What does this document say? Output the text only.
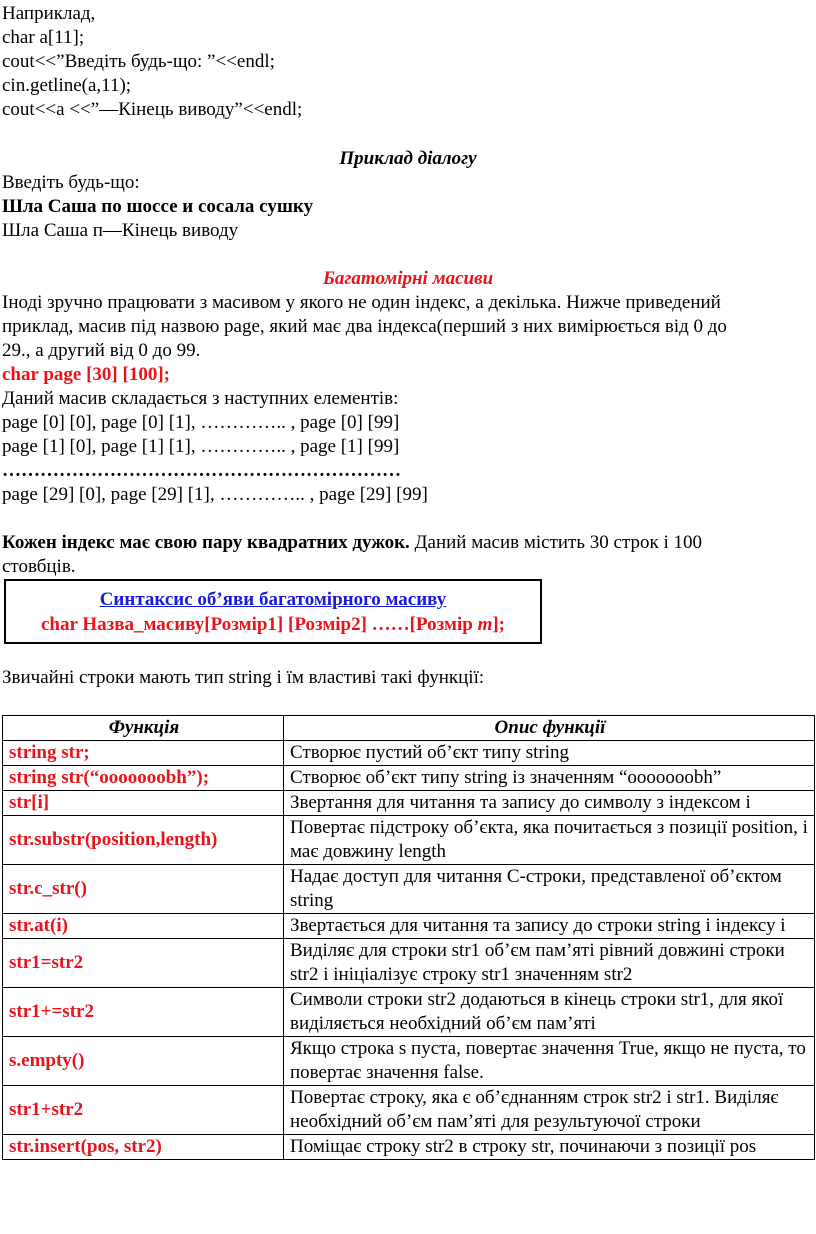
Наприклад,
char a[11];
cout<<”Введіть будь-що: ”<<endl;
cin.getline(a,11);
cout<<a <<”—Кінець виводу”<<endl;
Приклад діалогу
Введіть будь-що:
Шла Саша по шоссе и сосала сушку
Шла Саша п—Кінець виводу
Багатомірні масиви
Іноді зручно працювати з масивом у якого не один індекс, а декілька. Нижче приведений
приклад, масив під назвою page, який має два індекса(перший з них вимірюється від 0 до
29., а другий від 0 до 99.
char page [30] [100];
Даний масив складається з наступних елементів:
page [0] [0], page [0] [1], ………….. , page [0] [99]
page [1] [0], page [1] [1], ………….. , page [1] [99]
………………………………………………………
page [29] [0], page [29] [1], ………….. , page [29] [99]
Кожен індекс має свою пару квадратних дужок. Даний масив містить 30 строк і 100
стовбців.
Синтаксис об’яви багатомірного масиву
char Назва_масиву[Розмір1] [Розмір2] ……[Розмір m];
Звичайні строки мають тип string і їм властиві такі функції:
Функція	Опис функції
string str;	Створює пустий об’єкт типу string
string str(“ooooooobh”);	Створює об’єкт типу string із значенням “ooooooobh”
str[i]	Звертання для читання та запису до символу з індексом і
str.substr(position,length)	Повертає підстроку об’єкта, яка почитається з позиції position, і має довжину length
str.c_str()	Надає доступ для читання С-строки, представленої об’єктом string
str.at(i)	Звертається для читання та запису до строки string і індексу і
str1=str2	Виділяє для строки str1 об’єм пам’яті рівний довжині строки str2 і ініціалізує строку str1 значенням str2
str1+=str2	Символи строки str2 додаються в кінець строки str1, для якої виділяється необхідний об’єм пам’яті
s.empty()	Якщо строка s пуста, повертає значення True, якщо не пуста, то повертає значення false.
str1+str2	Повертає строку, яка є об’єднанням строк str2 і str1. Виділяє необхідний об’єм пам’яті для результуючої строки
str.insert(pos, str2)	Поміщає строку str2 в строку str, починаючи з позиції pos
